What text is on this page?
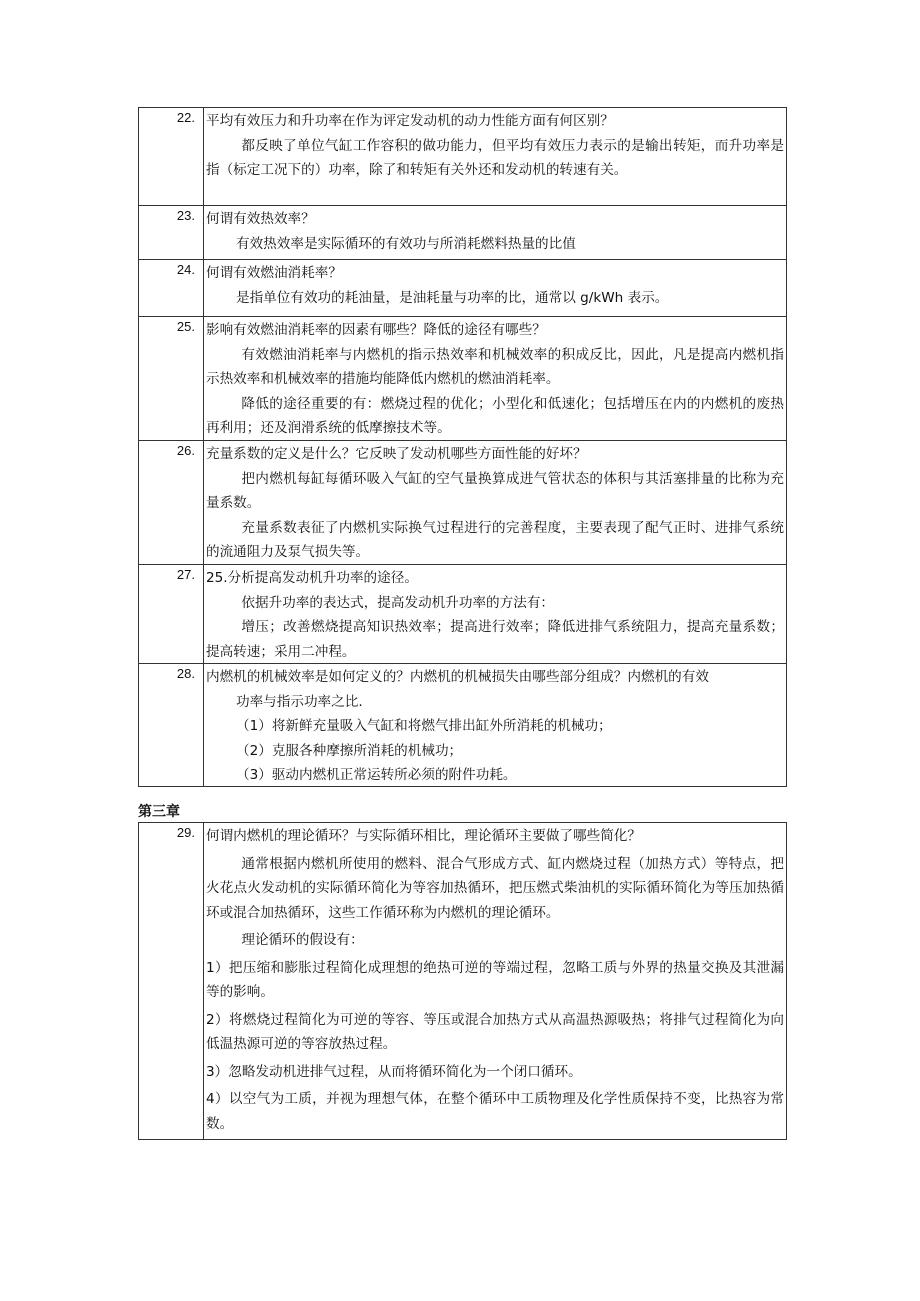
22. 平均有效压力和升功率在作为评定发动机的动力性能方面有何区别？

都反映了单位气缸工作容积的做功能力，但平均有效压力表示的是输出转矩，而升功率是指（标定工况下的）功率，除了和转矩有关外还和发动机的转速有关。

23. 何谓有效热效率？

有效热效率是实际循环的有效功与所消耗燃料热量的比值

24. 何谓有效燃油消耗率？

是指单位有效功的耗油量，是油耗量与功率的比，通常以 g/kWh 表示。

25. 影响有效燃油消耗率的因素有哪些？降低的途径有哪些？

有效燃油消耗率与内燃机的指示热效率和机械效率的积成反比，因此，凡是提高内燃机指示热效率和机械效率的措施均能降低内燃机的燃油消耗率。

降低的途径重要的有：燃烧过程的优化；小型化和低速化；包括增压在内的内燃机的废热再利用；还及润滑系统的低摩擦技术等。

26. 充量系数的定义是什么？它反映了发动机哪些方面性能的好坏？

把内燃机每缸每循环吸入气缸的空气量换算成进气管状态的体积与其活塞排量的比称为充量系数。

充量系数表征了内燃机实际换气过程进行的完善程度，主要表现了配气正时、进排气系统的流通阻力及泵气损失等。

27. 25.分析提高发动机升功率的途径。

依据升功率的表达式，提高发动机升功率的方法有：

增压；改善燃烧提高知识热效率；提高进行效率；降低进排气系统阻力，提高充量系数；提高转速；采用二冲程。

28. 内燃机的机械效率是如何定义的？内燃机的机械损失由哪些部分组成？内燃机的有效

功率与指示功率之比.

（1）将新鲜充量吸入气缸和将燃气排出缸外所消耗的机械功；

（2）克服各种摩擦所消耗的机械功；

（3）驱动内燃机正常运转所必须的附件功耗。

第三章
29. 何谓内燃机的理论循环？与实际循环相比，理论循环主要做了哪些简化？

通常根据内燃机所使用的燃料、混合气形成方式、缸内燃烧过程（加热方式）等特点，把火花点火发动机的实际循环简化为等容加热循环，把压燃式柴油机的实际循环简化为等压加热循环或混合加热循环，这些工作循环称为内燃机的理论循环。

理论循环的假设有：

1）把压缩和膨胀过程简化成理想的绝热可逆的等端过程，忽略工质与外界的热量交换及其泄漏等的影响。

2）将燃烧过程简化为可逆的等容、等压或混合加热方式从高温热源吸热；将排气过程简化为向低温热源可逆的等容放热过程。

3）忽略发动机进排气过程，从而将循环简化为一个闭口循环。

4）以空气为工质，并视为理想气体，在整个循环中工质物理及化学性质保持不变，比热容为常数。
